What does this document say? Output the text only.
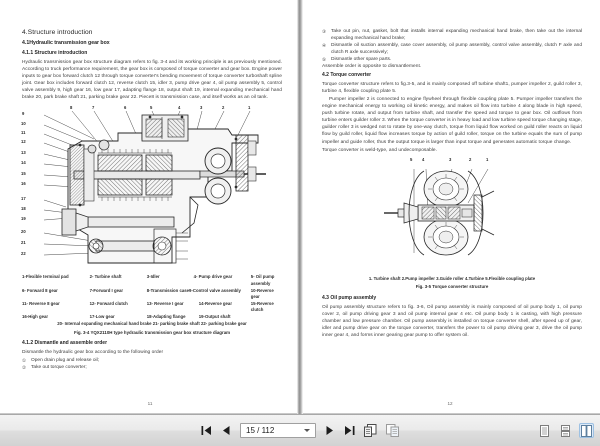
4.Structure introduction
4.1Hydraulic transmission gear box
4.1.1 Structure introduction
Hydraulic transmission gear box structure diagram refers to fig. 3-4 and its working principle is as previously mentioned. According to truck performance requirement, the gear box is composed of torque converter and gear box. Engine power inputs to gear box forward clutch 12 through torque converter's bending movement of torque converter turboshaft spline joint. Gear box includes forward clutch 12, reverse clutch 15, idler 3, pump drive gear 4, oil pump assembly 5, control valve assembly 9, high gear 16, low gear 17, adapting flange 18, output shaft 19, internal expanding mechanical hand brake 20, park brake shaft 21, parking brake gear 22. Piece8 is transmission case, and itself works as an oil tank.
9
10
11
12
13
14
15
16
17
18
19
20
21
22
8	7	6	5	4	3	2	1
1-Flexible terminal pad	2- Turbine shaft	3-Idler	4- Pump drive gear	5- Oil pump assembly
6- Forward 8 gear	7-Forward I gear	8-Transmission case9-Control valve assembly	10-Reverse gear
11- Reverse 8 gear	12- Forward clutch	13- Reverse I gear	14-Reverse gear	15-Reverse clutch
16-High gear	17-Low gear	18-Adapting flange	19-Output shaft
20- Internal expanding mechanical hand brake 21- parking brake shaft 22- parking brake gear
Fig. 3-4 YQX2110H type hydraulic transmission gear box structure diagram
4.1.2 Dismantle and assemble order
Dismantle the hydraulic gear box according to the following order
① Open drain plug and release oil;
② Take out torque converter;
11
③ Take out pin, nut, gasket, bolt that installs internal expanding mechanical hand brake, then take out the internal expanding mechanical hand brake;
④ Dismantle oil suction assembly, case cover assembly, oil pump assembly, control valve assembly, clutch F axle and clutch R axle successively;
⑤ Dismantle other spare parts.
Assemble order is opposite to dismantlement.
4.2 Torque converter
Torque converter structure refers to fig.3-5, and is mainly composed off turbine shaft1, pumper impeller 2, guild roller 3, turbine 4, flexible coupling plate 5.
Pumper impeller 2 is connected to engine flywheel through flexible coupling plate 5. Pumper impeller transfers the engine mechanical energy to working oil kinetic energy, and makes oil flow into turbine 4 along blade in high speed, push turbine rotate, and output from turbine shaft, and transfer the speed and torque to gear box. Oil outflows from turbine enters guilder roller 3. When the torque converter is in heavy load and low turbine speed torque changing stage, guilder roller 3 is wedged not to rotate by one-way clutch, torque from liquid flow worked on guild roller reacts on liquid flow by guild roller, liquid flow increases torque by action of guild roller, torque on the turbine equals the sum of pump impeller and guide roller, thus the output torque is larger than input torque and generates automatic torque change.
Torque converter is weld-type, and undecomposable.
5 4	3	2	1
1. Turbine shaft 2.Pump impeller 3.Guide roller 4.Turbine 5.Flexible coupling plate
Fig. 3-5 Torque converter structure
4.3 Oil pump assembly
Oil pump assembly structure refers to fig. 3-6, Oil pump assembly is mainly composed of oil pump body 1, oil pump cover 2, oil pump driving gear 3 and oil pump internal gear 4 etc. Oil pump body 1 is casting, with high pressure chamber and low pressure chamber. Oil pump assembly is installed on torque converter shell, after speed up of gear, idler and pump drive gear on the torque converter, transfers the power to oil pump driving gear 3, drive the oil pump inner gear 4, and forms inner gearing gear pump to offer system oil.
12
15 / 112
